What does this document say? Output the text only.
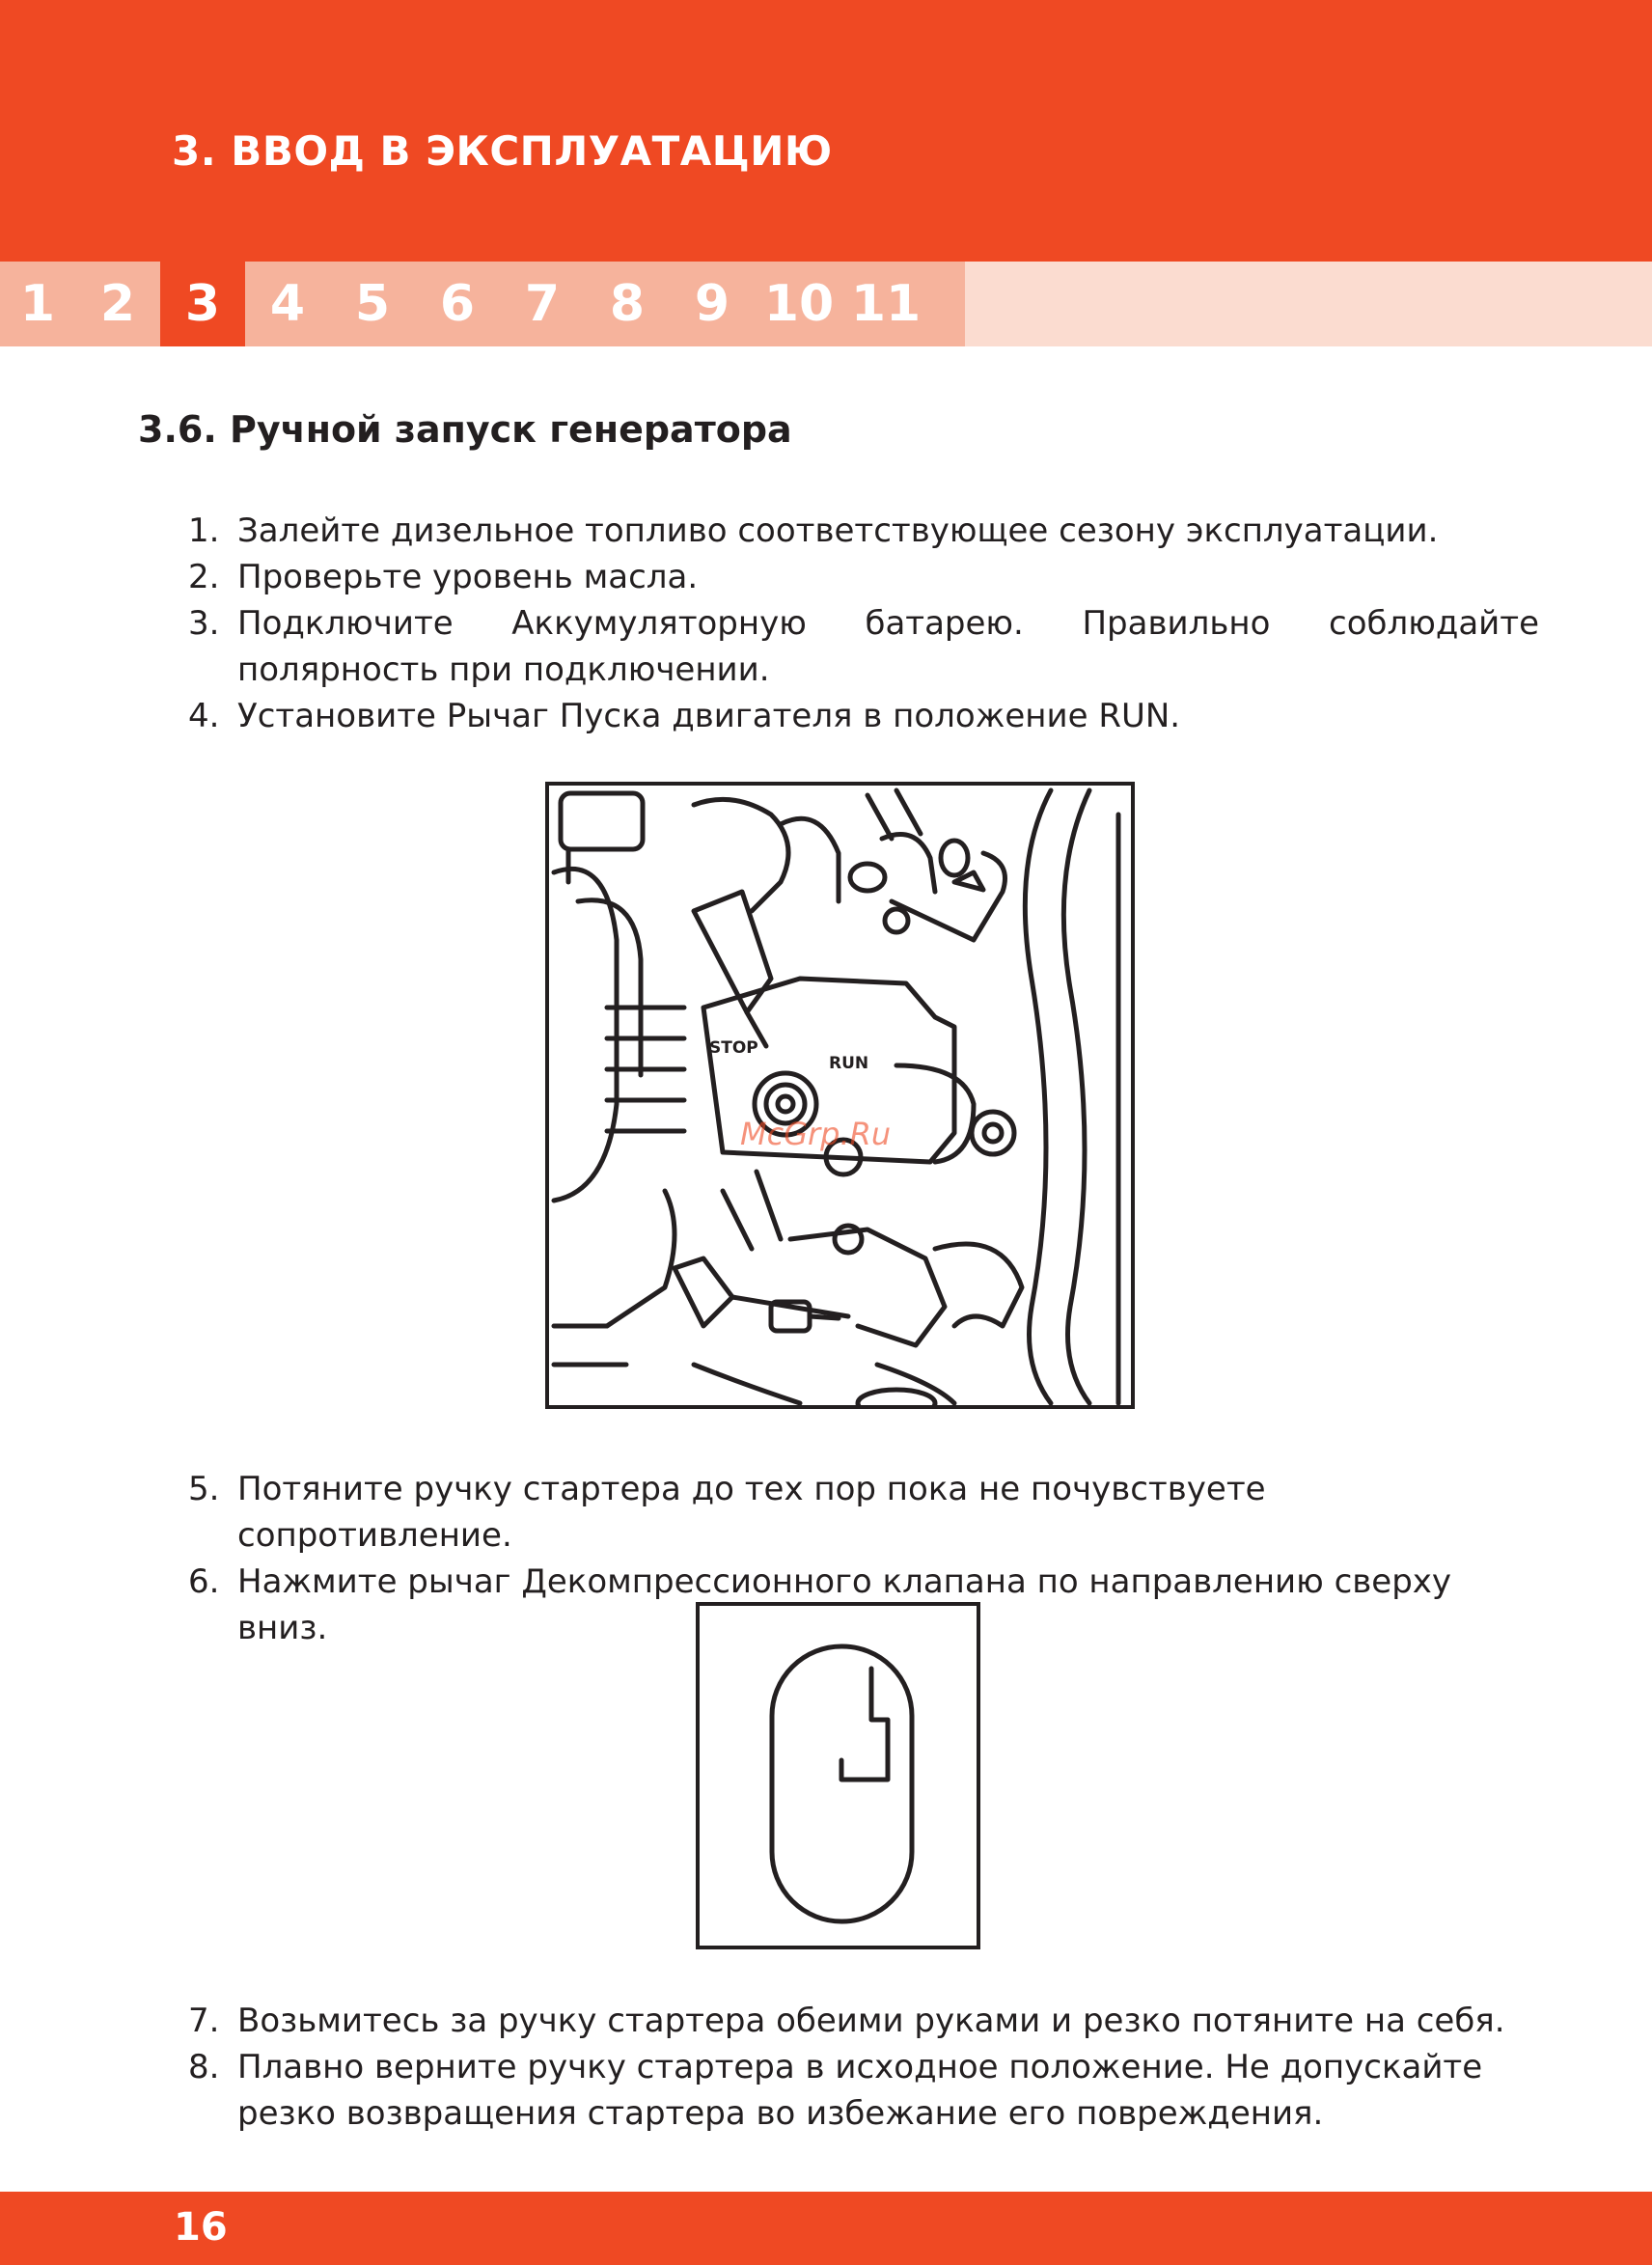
3. ВВОД В ЭКСПЛУАТАЦИЮ
1 2 3 4 5 6 7 8 9 10 11
3.6. Ручной запуск генератора
1. Залейте дизельное топливо соответствующее сезону эксплуатации.
2. Проверьте уровень масла.
3. Подключите Аккумуляторную батарею. Правильно соблюдайте полярность при подключении.
4. Установите Рычаг Пуска двигателя в положение RUN.
STOP
RUN
McGrp.Ru
5. Потяните ручку стартера до тех пор пока не почувствуете сопротивление.
6. Нажмите рычаг Декомпрессионного клапана по направлению сверху вниз.
7. Возьмитесь за ручку стартера обеими руками и резко потяните на себя.
8. Плавно верните ручку стартера в исходное положение. Не допускайте резко возвращения стартера во избежание его повреждения.
16
